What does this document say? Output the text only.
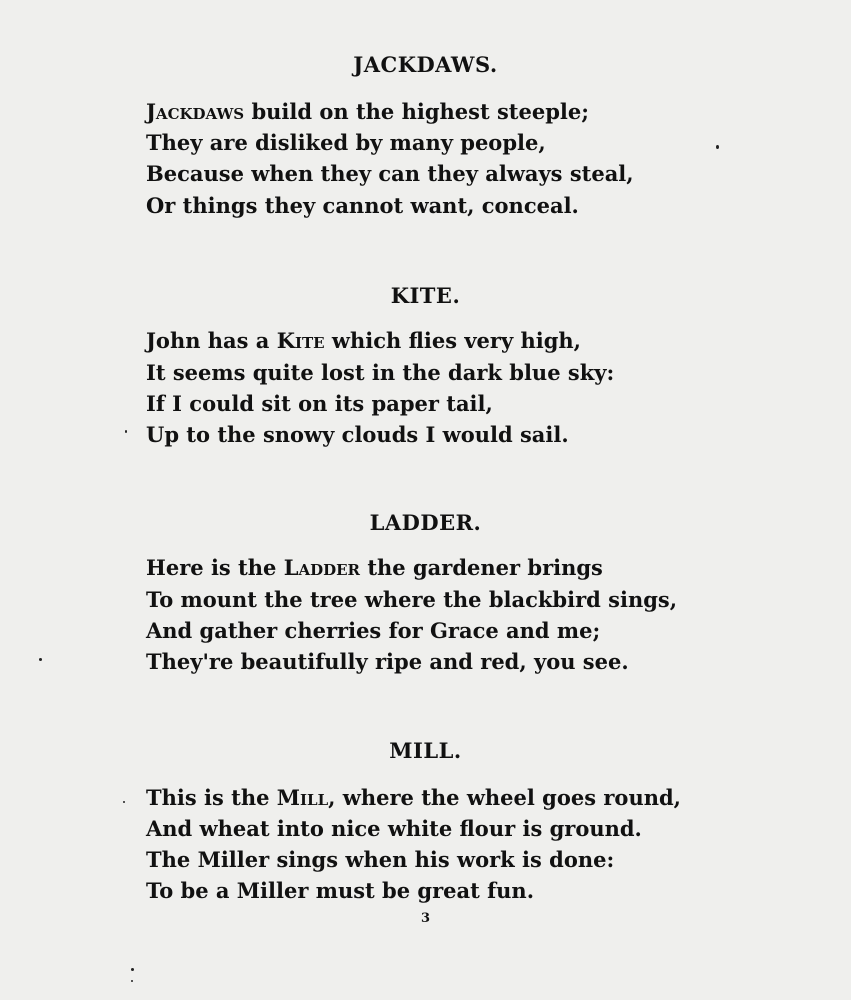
JACKDAWS.
Jackdaws build on the highest steeple;
They are disliked by many people,
Because when they can they always steal,
Or things they cannot want, conceal.
KITE.
John has a Kite which flies very high,
It seems quite lost in the dark blue sky:
If I could sit on its paper tail,
Up to the snowy clouds I would sail.
LADDER.
Here is the Ladder the gardener brings
To mount the tree where the blackbird sings,
And gather cherries for Grace and me;
They're beautifully ripe and red, you see.
MILL.
This is the Mill, where the wheel goes round,
And wheat into nice white flour is ground.
The Miller sings when his work is done:
To be a Miller must be great fun.
3
